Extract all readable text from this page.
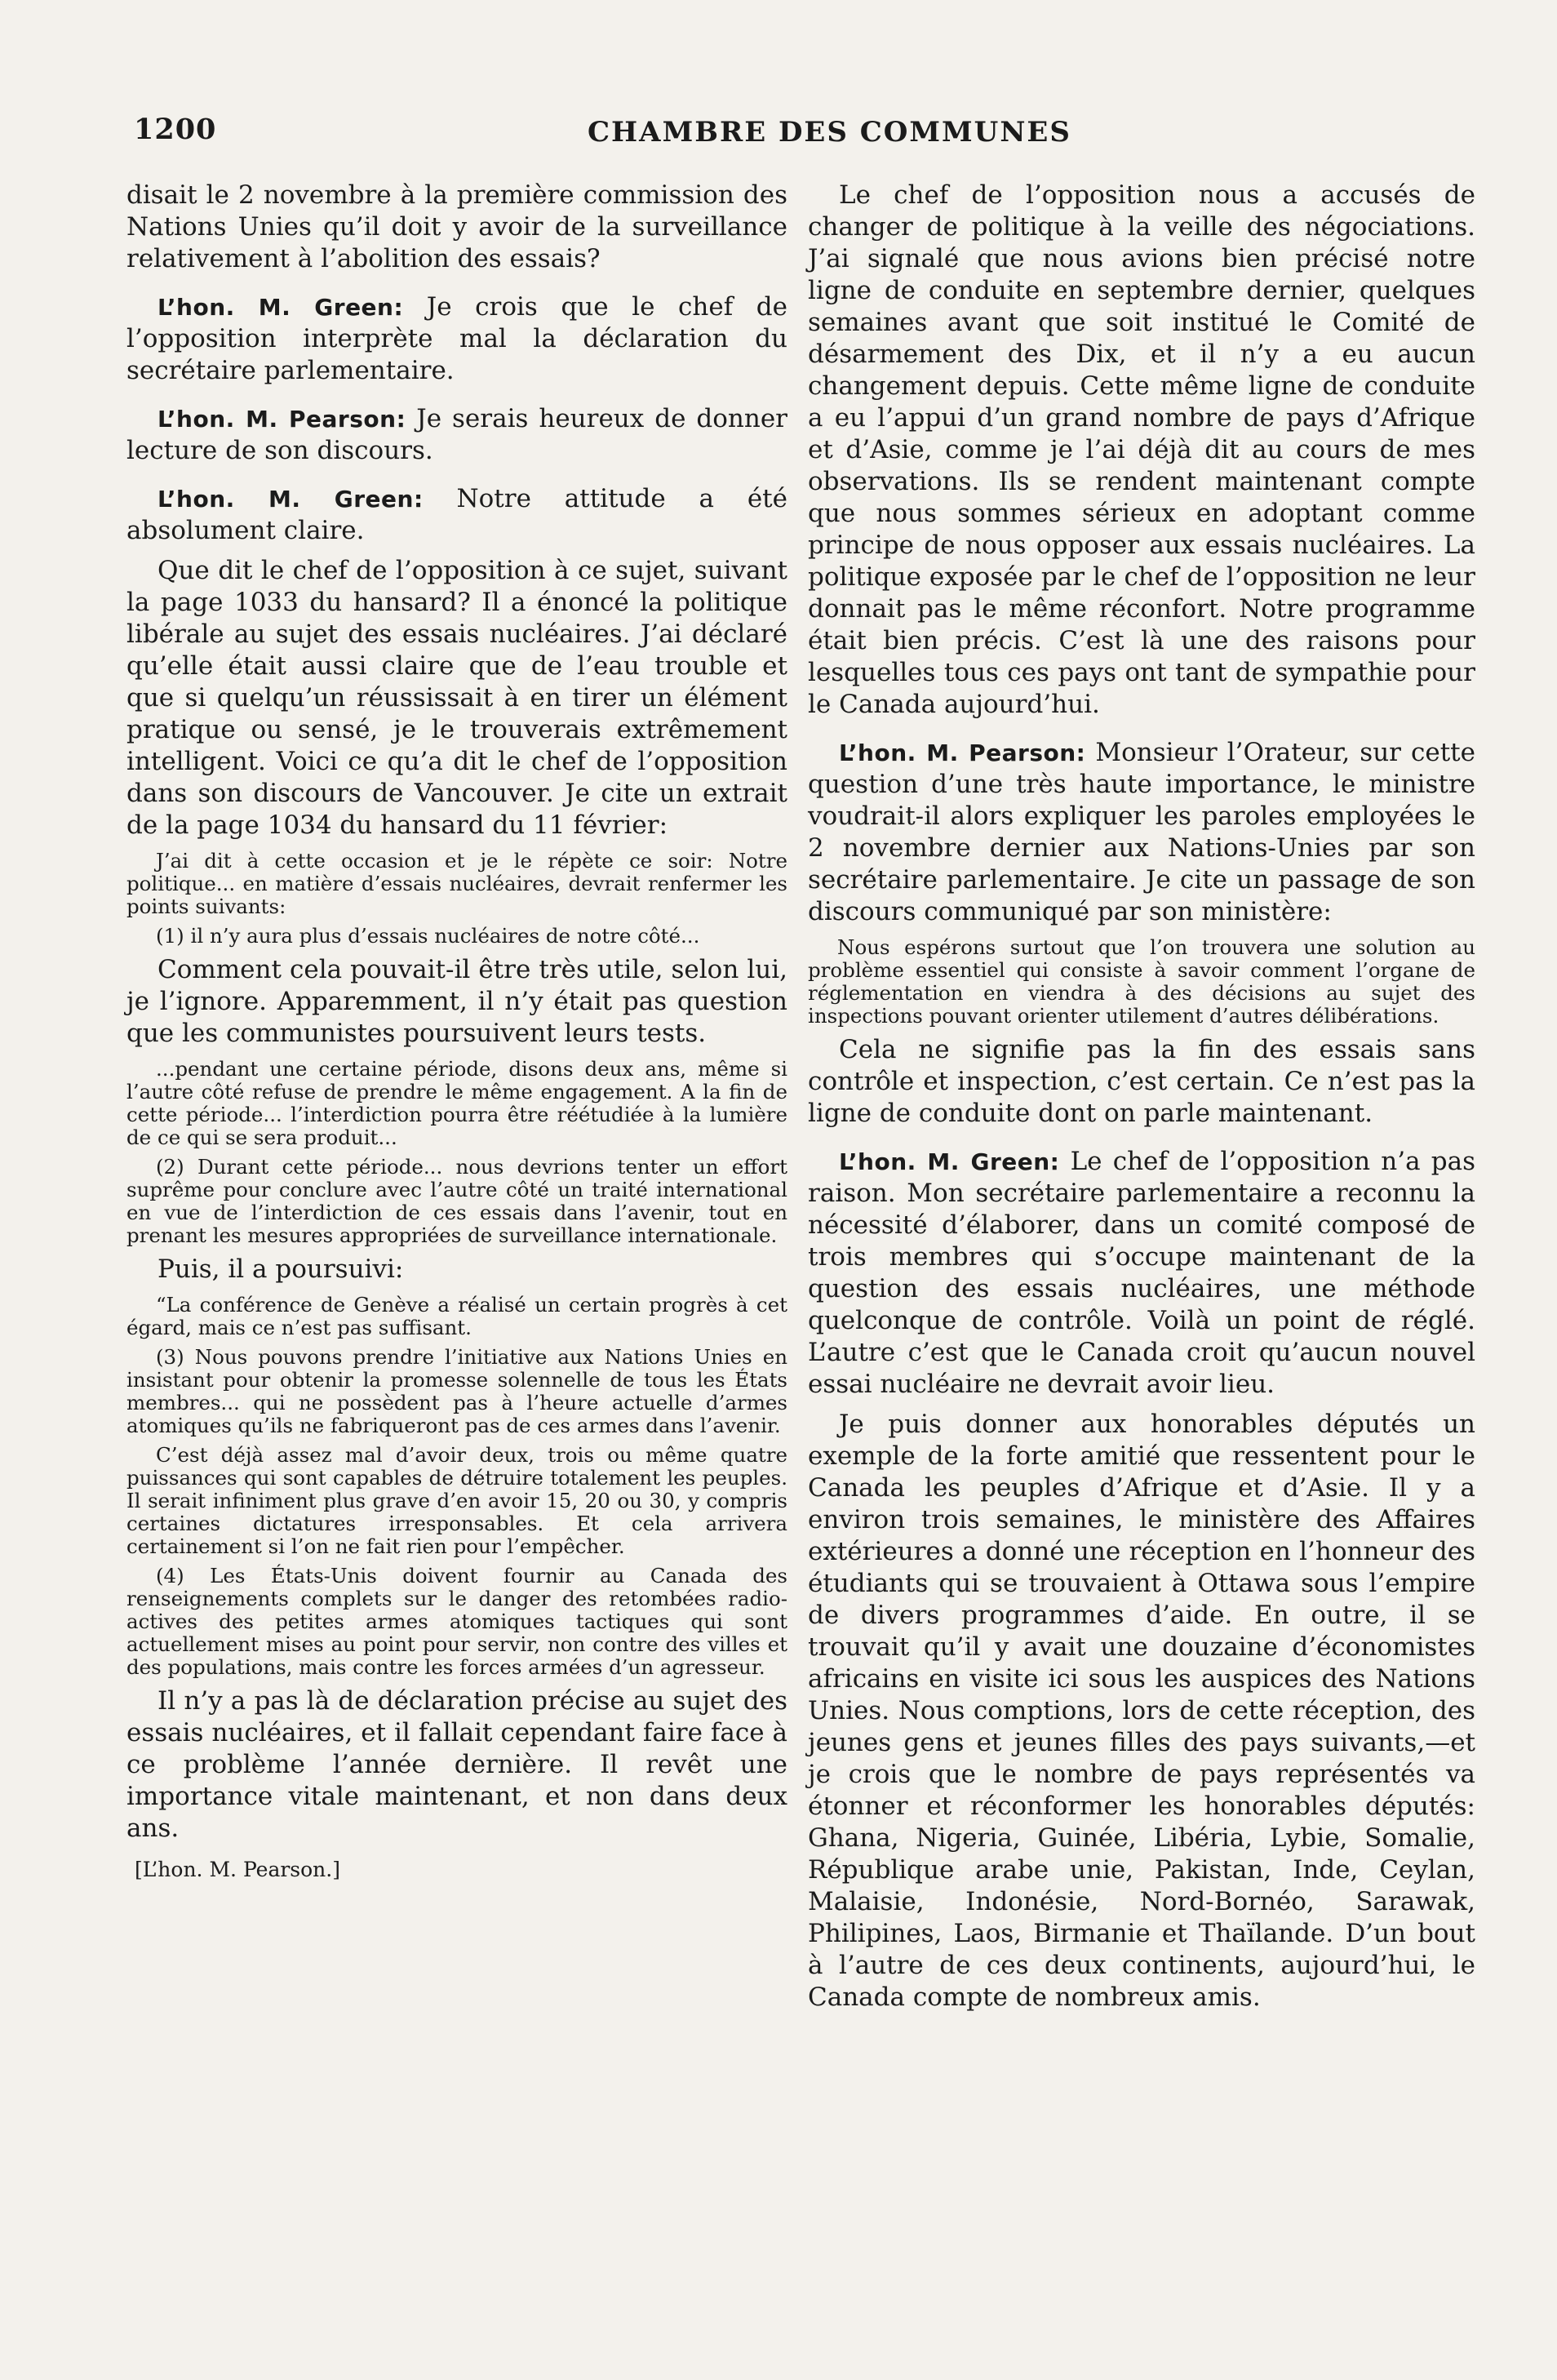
1200	CHAMBRE DES COMMUNES

disait le 2 novembre à la première commission des Nations Unies qu’il doit y avoir de la surveillance relativement à l’abolition des essais?

L’hon. M. Green: Je crois que le chef de l’opposition interprète mal la déclaration du secrétaire parlementaire.

L’hon. M. Pearson: Je serais heureux de donner lecture de son discours.

L’hon. M. Green: Notre attitude a été absolument claire.

Que dit le chef de l’opposition à ce sujet, suivant la page 1033 du hansard? Il a énoncé la politique libérale au sujet des essais nucléaires. J’ai déclaré qu’elle était aussi claire que de l’eau trouble et que si quelqu’un réussissait à en tirer un élément pratique ou sensé, je le trouverais extrêmement intelligent. Voici ce qu’a dit le chef de l’opposition dans son discours de Vancouver. Je cite un extrait de la page 1034 du hansard du 11 février:

J’ai dit à cette occasion et je le répète ce soir: Notre politique... en matière d’essais nucléaires, devrait renfermer les points suivants:

(1) il n’y aura plus d’essais nucléaires de notre côté...

Comment cela pouvait-il être très utile, selon lui, je l’ignore. Apparemment, il n’y était pas question que les communistes poursuivent leurs tests.

...pendant une certaine période, disons deux ans, même si l’autre côté refuse de prendre le même engagement. A la fin de cette période... l’interdiction pourra être réétudiée à la lumière de ce qui se sera produit...

(2) Durant cette période... nous devrions tenter un effort suprême pour conclure avec l’autre côté un traité international en vue de l’interdiction de ces essais dans l’avenir, tout en prenant les mesures appropriées de surveillance internationale.

Puis, il a poursuivi:

“La conférence de Genève a réalisé un certain progrès à cet égard, mais ce n’est pas suffisant.

(3) Nous pouvons prendre l’initiative aux Nations Unies en insistant pour obtenir la promesse solennelle de tous les États membres... qui ne possèdent pas à l’heure actuelle d’armes atomiques qu’ils ne fabriqueront pas de ces armes dans l’avenir.

C’est déjà assez mal d’avoir deux, trois ou même quatre puissances qui sont capables de détruire totalement les peuples. Il serait infiniment plus grave d’en avoir 15, 20 ou 30, y compris certaines dictatures irresponsables. Et cela arrivera certainement si l’on ne fait rien pour l’empêcher.

(4) Les États-Unis doivent fournir au Canada des renseignements complets sur le danger des retombées radio-actives des petites armes atomiques tactiques qui sont actuellement mises au point pour servir, non contre des villes et des populations, mais contre les forces armées d’un agresseur.

Il n’y a pas là de déclaration précise au sujet des essais nucléaires, et il fallait cependant faire face à ce problème l’année dernière. Il revêt une importance vitale maintenant, et non dans deux ans.

[L’hon. M. Pearson.]

Le chef de l’opposition nous a accusés de changer de politique à la veille des négociations. J’ai signalé que nous avions bien précisé notre ligne de conduite en septembre dernier, quelques semaines avant que soit institué le Comité de désarmement des Dix, et il n’y a eu aucun changement depuis. Cette même ligne de conduite a eu l’appui d’un grand nombre de pays d’Afrique et d’Asie, comme je l’ai déjà dit au cours de mes observations. Ils se rendent maintenant compte que nous sommes sérieux en adoptant comme principe de nous opposer aux essais nucléaires. La politique exposée par le chef de l’opposition ne leur donnait pas le même réconfort. Notre programme était bien précis. C’est là une des raisons pour lesquelles tous ces pays ont tant de sympathie pour le Canada aujourd’hui.

L’hon. M. Pearson: Monsieur l’Orateur, sur cette question d’une très haute importance, le ministre voudrait-il alors expliquer les paroles employées le 2 novembre dernier aux Nations-Unies par son secrétaire parlementaire. Je cite un passage de son discours communiqué par son ministère:

Nous espérons surtout que l’on trouvera une solution au problème essentiel qui consiste à savoir comment l’organe de réglementation en viendra à des décisions au sujet des inspections pouvant orienter utilement d’autres délibérations.

Cela ne signifie pas la fin des essais sans contrôle et inspection, c’est certain. Ce n’est pas la ligne de conduite dont on parle maintenant.

L’hon. M. Green: Le chef de l’opposition n’a pas raison. Mon secrétaire parlementaire a reconnu la nécessité d’élaborer, dans un comité composé de trois membres qui s’occupe maintenant de la question des essais nucléaires, une méthode quelconque de contrôle. Voilà un point de réglé. L’autre c’est que le Canada croit qu’aucun nouvel essai nucléaire ne devrait avoir lieu.

Je puis donner aux honorables députés un exemple de la forte amitié que ressentent pour le Canada les peuples d’Afrique et d’Asie. Il y a environ trois semaines, le ministère des Affaires extérieures a donné une réception en l’honneur des étudiants qui se trouvaient à Ottawa sous l’empire de divers programmes d’aide. En outre, il se trouvait qu’il y avait une douzaine d’économistes africains en visite ici sous les auspices des Nations Unies. Nous comptions, lors de cette réception, des jeunes gens et jeunes filles des pays suivants,—et je crois que le nombre de pays représentés va étonner et réconformer les honorables députés: Ghana, Nigeria, Guinée, Libéria, Lybie, Somalie, République arabe unie, Pakistan, Inde, Ceylan, Malaisie, Indonésie, Nord-Bornéo, Sarawak, Philipines, Laos, Birmanie et Thaïlande. D’un bout à l’autre de ces deux continents, aujourd’hui, le Canada compte de nombreux amis.
